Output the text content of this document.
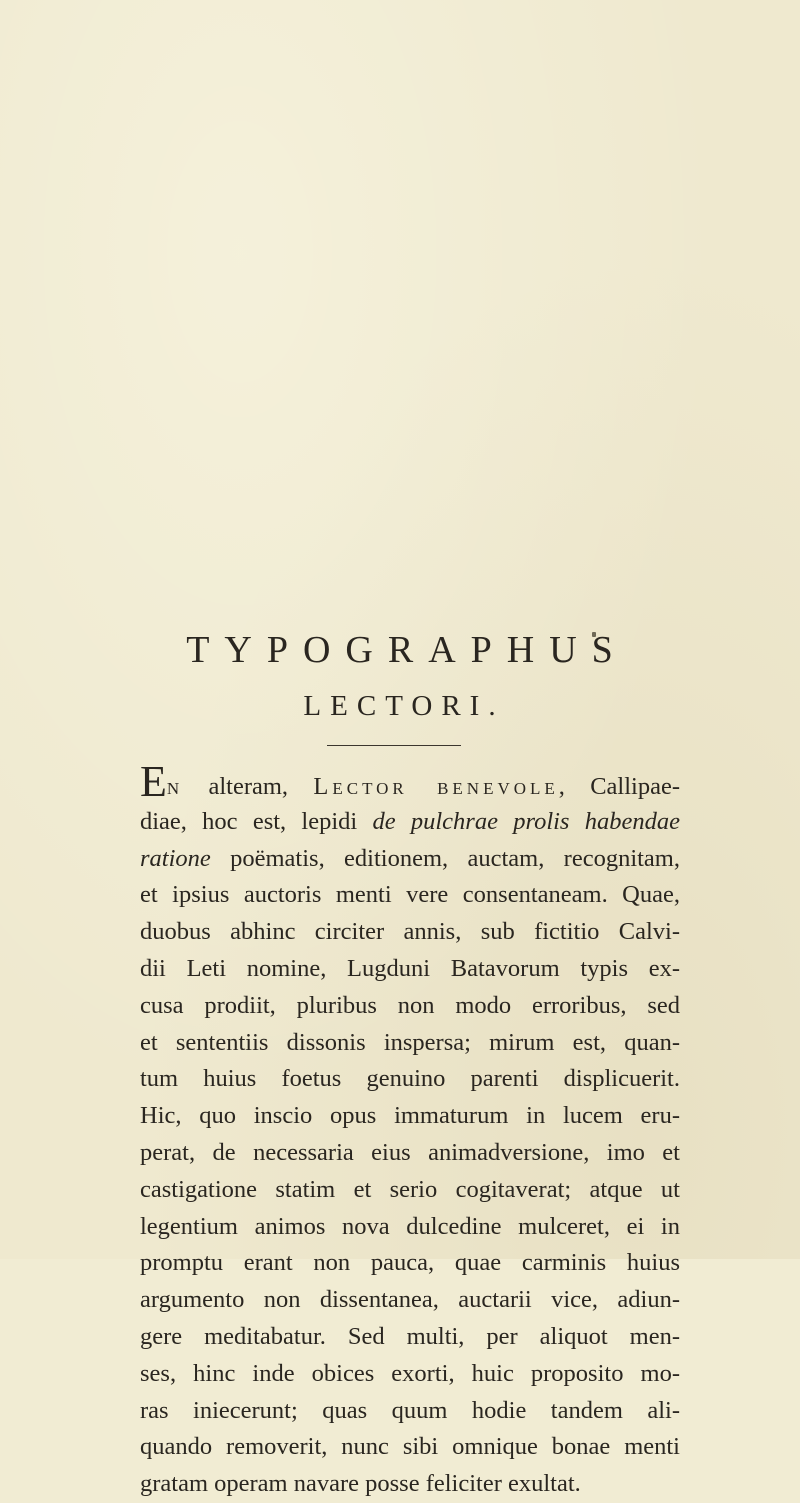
TYPOGRAPHUS
LECTORI.
En alteram, Lector benevole, Callipae-
diae, hoc est, lepidi de pulchrae prolis habendae
ratione poëmatis, editionem, auctam, recognitam,
et ipsius auctoris menti vere consentaneam. Quae,
duobus abhinc circiter annis, sub fictitio Calvi-
dii Leti nomine, Lugduni Batavorum typis ex-
cusa prodiit, pluribus non modo erroribus, sed
et sententiis dissonis inspersa; mirum est, quan-
tum huius foetus genuino parenti displicuerit.
Hic, quo inscio opus immaturum in lucem eru-
perat, de necessaria eius animadversione, imo et
castigatione statim et serio cogitaverat; atque ut
legentium animos nova dulcedine mulceret, ei in
promptu erant non pauca, quae carminis huius
argumento non dissentanea, auctarii vice, adiun-
gere meditabatur. Sed multi, per aliquot men-
ses, hinc inde obices exorti, huic proposito mo-
ras iniecerunt; quas quum hodie tandem ali-
quando removerit, nunc sibi omnique bonae menti
gratam operam navare posse feliciter exultat.
